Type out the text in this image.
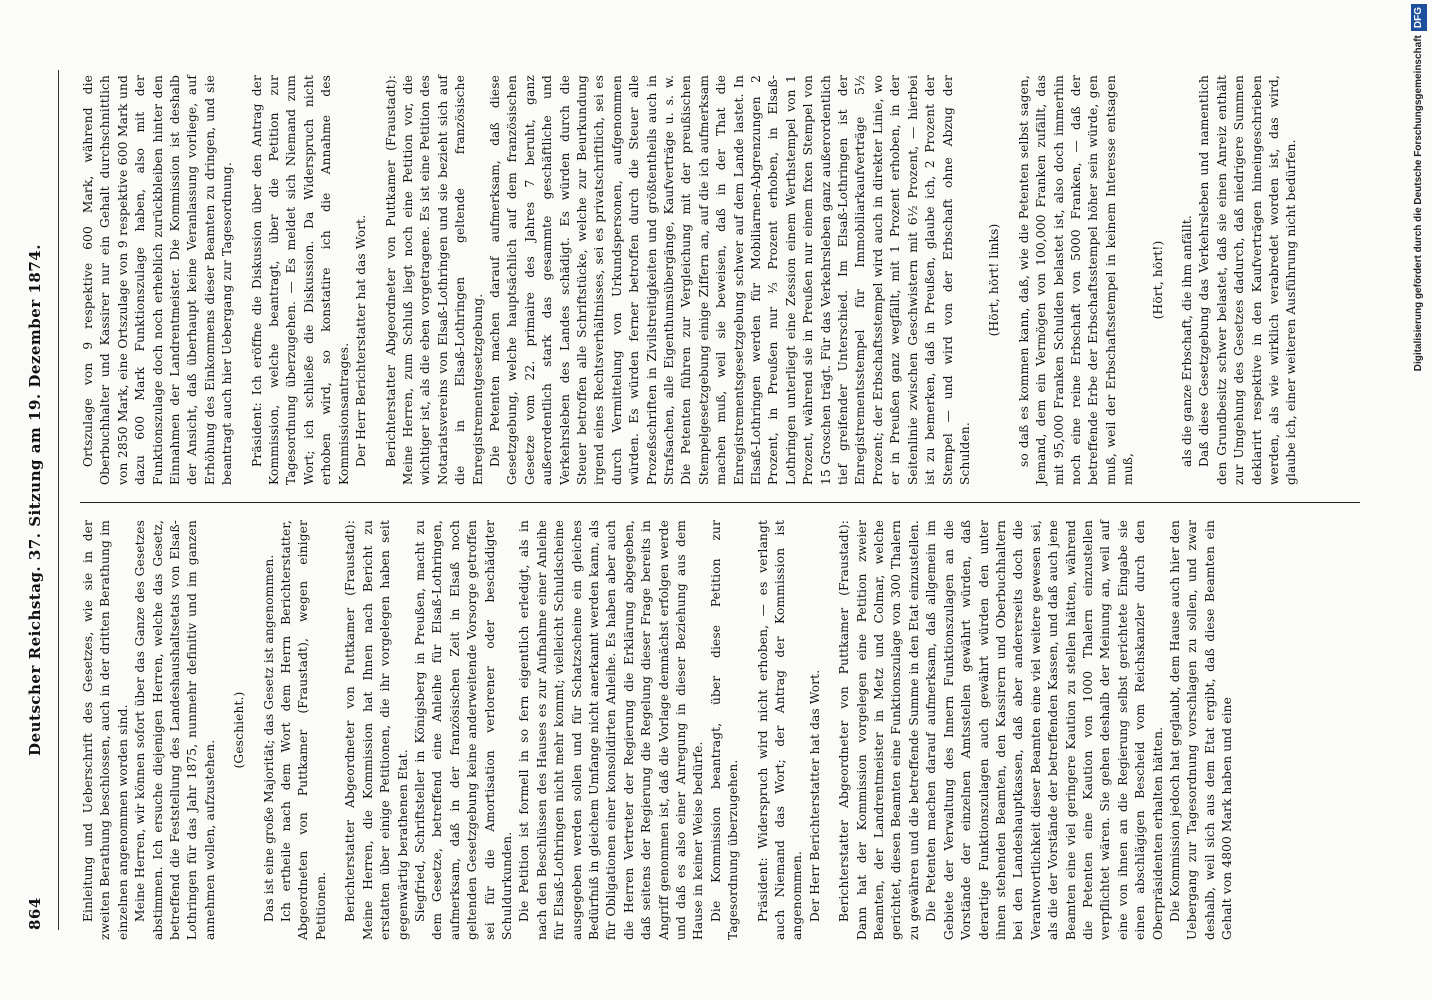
864
Deutscher Reichstag. 37. Sitzung am 19. Dezember 1874.	Einleitung und Ueberschrift des Gesetzes, wie sie in der zweiten Berathung beschlossen, auch in der dritten Berathung im einzelnen angenommen worden sind. Meine Herren, wir können sofort über das Ganze des Gesetzes abstimmen. Ich ersuche diejenigen Herren, welche das Gesetz, betreffend die Feststellung des Landeshaushaltsetats von Elsaß-Lothringen für das Jahr 1875, nunmehr definitiv und im ganzen annehmen wollen, aufzustehen.

(Geschieht.) Das ist eine große Majorität; das Gesetz ist angenommen. Ich ertheile nach dem Wort dem Herrn Berichterstatter, Abgeordneten von Puttkamer (Fraustadt), wegen einiger Petitionen. Berichterstatter Abgeordneter von Puttkamer (Fraustadt): Meine Herren, die Kommission hat Ihnen nach Bericht zu erstatten über einige Petitionen, die ihr vorgelegen haben seit gegenwärtig berathenen Etat. Siegfried, Schriftsteller in Königsberg in Preußen, macht zu dem Gesetze, betreffend eine Anleihe für Elsaß-Lothringen, aufmerksam, daß in der französischen Zeit in Elsaß noch geltenden Gesetzgebung keine anderweitende Vorsorge getroffen sei für die Amortisation verlorener oder beschädigter Schuldurkunden. Die Petition ist formell in so fern eigentlich erledigt, als in nach den Beschlüssen des Hauses es zur Aufnahme einer Anleihe für Elsaß-Lothringen nicht mehr kommt; vielleicht Schuldscheine ausgegeben werden sollen und für Schatzscheine ein gleiches Bedürfniß in gleichem Umfange nicht anerkannt werden kann, als für Obligationen einer konsolidirten Anleihe. Es haben aber auch die Herren Vertreter der Regierung die Erklärung abgegeben, daß seitens der Regierung die Regelung dieser Frage bereits in Angriff genommen ist, daß die Vorlage demnächst erfolgen werde und daß es also einer Anregung in dieser Beziehung aus dem Hause in keiner Weise bedürfe. Die Kommission beantragt, über diese Petition zur Tagesordnung überzugehen. Präsident: Widerspruch wird nicht erhoben, — es verlangt auch Niemand das Wort; der Antrag der Kommission ist angenommen. Der Herr Berichterstatter hat das Wort. Berichterstatter Abgeordneter von Puttkamer (Fraustadt): Dann hat der Kommission vorgelegen eine Petition zweier Beamten, der Landrentmeister in Metz und Colmar, welche gerichtet, diesen Beamten eine Funktionszulage von 300 Thalern zu gewähren und die betreffende Summe in den Etat einzustellen. Die Petenten machen darauf aufmerksam, daß allgemein im Gebiete der Verwaltung des Innern Funktionszulagen an die Vorstände der einzelnen Amtsstellen gewährt würden, daß derartige Funktionszulagen auch gewährt würden den unter ihnen stehenden Beamten, den Kassirern und Oberbuchhaltern bei den Landeshauptkassen, daß aber andererseits doch die Verantwortlichkeit dieser Beamten eine viel weitere gewesen sei, als die der Vorstände der betreffenden Kassen, und daß auch jene Beamten eine viel geringere Kaution zu stellen hätten, während die Petenten eine Kaution von 1000 Thalern einzustellen verpflichtet wären. Sie gehen deshalb der Meinung an, weil auf eine von ihnen an die Regierung selbst gerichtete Eingabe sie einen abschlägigen Bescheid vom Reichskanzler durch den Oberpräsidenten erhalten hätten. Die Kommission jedoch hat geglaubt, dem Hause auch hier den Uebergang zur Tagesordnung vorschlagen zu sollen, und zwar deshalb, weil sich aus dem Etat ergibt, daß diese Beamten ein Gehalt von 4800 Mark haben und eine

Ortszulage von 9 respektive 600 Mark, während die Oberbuchhalter und Kassirer nur ein Gehalt durchschnittlich von 2850 Mark, eine Ortszulage von 9 respektive 600 Mark und dazu 600 Mark Funktionszulage haben, also mit der Funktionszulage doch noch erheblich zurückbleiben hinter den Einnahmen der Landrentmeister. Die Kommission ist deshalb der Ansicht, daß überhaupt keine Veranlassung vorliege, auf Erhöhung des Einkommens dieser Beamten zu dringen, und sie beantragt auch hier Uebergang zur Tagesordnung. Präsident: Ich eröffne die Diskussion über den Antrag der Kommission, welche beantragt, über die Petition zur Tagesordnung überzugehen. — Es meldet sich Niemand zum Wort; ich schließe die Diskussion. Da Widerspruch nicht erhoben wird, so konstatire ich die Annahme des Kommissionsantrages. Der Herr Berichterstatter hat das Wort. Berichterstatter Abgeordneter von Puttkamer (Fraustadt): Meine Herren, zum Schluß liegt noch eine Petition vor, die wichtiger ist, als die eben vorgetragene. Es ist eine Petition des Notariatsvereins von Elsaß-Lothringen und sie bezieht sich auf die in Elsaß-Lothringen geltende französische Enregistrementgesetzgebung. Die Petenten machen darauf aufmerksam, daß diese Gesetzgebung, welche hauptsächlich auf dem französischen Gesetze vom 22. primaire des Jahres 7 beruht, ganz außerordentlich stark das gesammte geschäftliche und Verkehrsleben des Landes schädigt. Es würden durch die Steuer betroffen alle Schriftstücke, welche zur Beurkundung irgend eines Rechtsverhältnisses, sei es privatschriftlich, sei es durch Vermittelung von Urkundspersonen, aufgenommen würden. Es würden ferner betroffen durch die Steuer alle Prozeßschriften in Zivilstreitigkeiten und größtentheils auch in Strafsachen, alle Eigenthumsübergänge, Kaufverträge u. s. w. Die Petenten führen zur Vergleichung mit der preußischen Stempelgesetzgebung einige Ziffern an, auf die ich aufmerksam machen muß, weil sie beweisen, daß in der That die Enregistrementsgesetzgebung schwer auf dem Lande lastet. In Elsaß-Lothringen werden für Mobiliarnen-Abgrenzungen 2 Prozent, in Preußen nur ⅓ Prozent erhoben, in Elsaß-Lothringen unterliegt eine Zession einem Werthstempel von 1 Prozent, während sie in Preußen nur einem fixen Stempel von 15 Groschen trägt. Für das Verkehrsleben ganz außerordentlich tief greifender Unterschied. Im Elsaß-Lothringen ist der Enregistrementsstempel für Immobiliarkaufverträge 5½ Prozent; der Erbschaftsstempel wird auch in direkter Linie, wo er in Preußen ganz wegfällt, mit 1 Prozent erhoben, in der Seitenlinie zwischen Geschwistern mit 6½ Prozent, — hierbei ist zu bemerken, daß in Preußen, glaube ich, 2 Prozent der Stempel — und wird von der Erbschaft ohne Abzug der Schulden.

(Hört, hört! links) so daß es kommen kann, daß, wie die Petenten selbst sagen, Jemand, dem ein Vermögen von 100,000 Franken zufällt, das mit 95,000 Franken Schulden belastet ist, also doch immerhin noch eine reine Erbschaft von 5000 Franken, — daß der betreffende Erbe der Erbschaftsstempel höher sein würde, gen muß, weil der Erbschaftsstempel in keinem Interesse entsagen muß,

(Hört, hört!) als die ganze Erbschaft, die ihm anfällt. Daß diese Gesetzgebung das Verkehrsleben und namentlich den Grundbesitz schwer belastet, daß sie einen Anreiz enthält zur Umgehung des Gesetzes dadurch, daß niedrigere Summen deklarirt respektive in den Kaufverträgen hineingeschrieben werden, als wie wirklich verabredet worden ist, das wird, glaube ich, einer weiteren Ausführung nicht bedürfen.	Digitalisierung gefördert durch die Deutsche ForschungsgemeinschaftDFG
